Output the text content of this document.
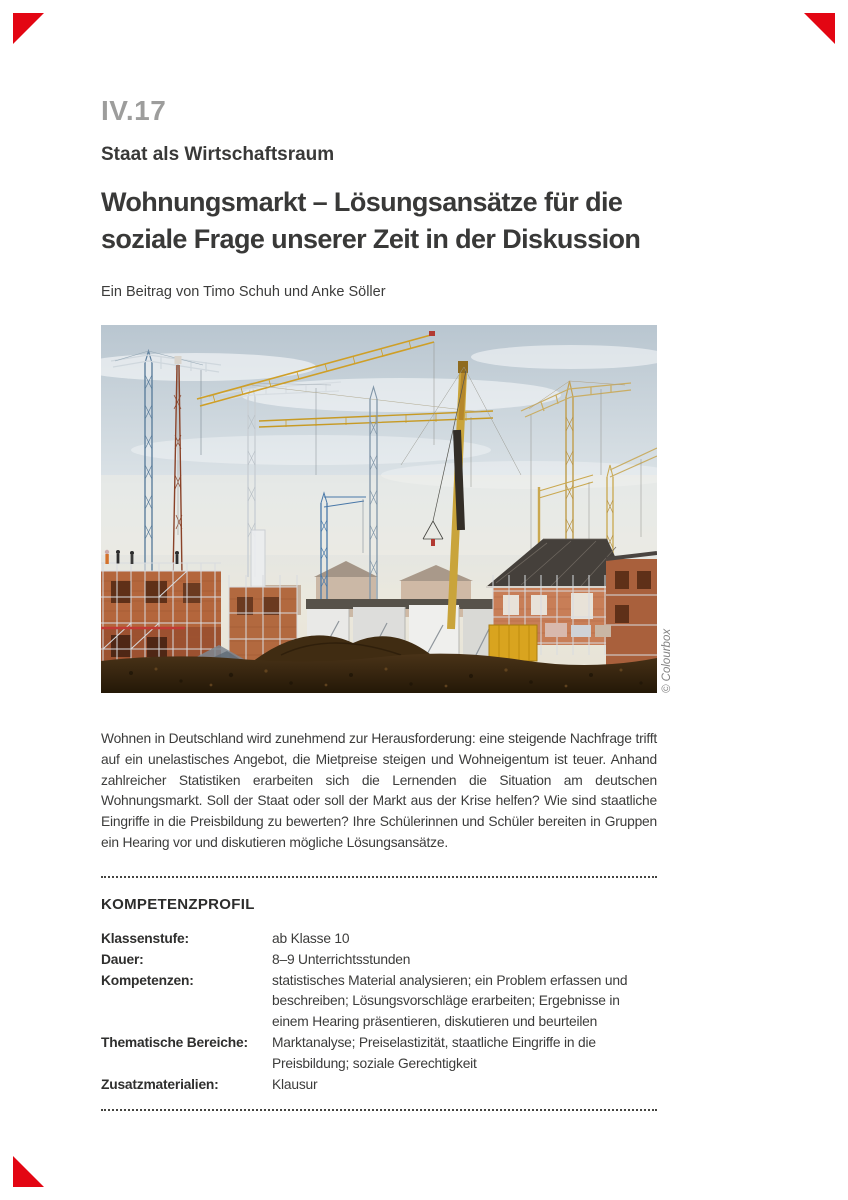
IV.17
Staat als Wirtschaftsraum
Wohnungsmarkt – Lösungsansätze für die
soziale Frage unserer Zeit in der Diskussion
Ein Beitrag von Timo Schuh und Anke Söller
© Colourbox
Wohnen in Deutschland wird zunehmend zur Herausforderung: eine steigende Nachfrage trifft auf ein unelastisches Angebot, die Mietpreise steigen und Wohneigentum ist teuer. Anhand zahlreicher Statistiken erarbeiten sich die Lernenden die Situation am deutschen Wohnungsmarkt. Soll der Staat oder soll der Markt aus der Krise helfen? Wie sind staatliche Eingriffe in die Preisbildung zu bewerten? Ihre Schülerinnen und Schüler bereiten in Gruppen ein Hearing vor und diskutieren mögliche Lösungsansätze.
KOMPETENZPROFIL
Klassenstufe:	ab Klasse 10
Dauer:	8–9 Unterrichtsstunden
Kompetenzen:	statistisches Material analysieren; ein Problem erfassen und beschreiben; Lösungsvorschläge erarbeiten; Ergebnisse in einem Hearing präsentieren, diskutieren und beurteilen
Thematische Bereiche:	Marktanalyse; Preiselastizität, staatliche Eingriffe in die Preisbildung; soziale Gerechtigkeit
Zusatzmaterialien:	Klausur
